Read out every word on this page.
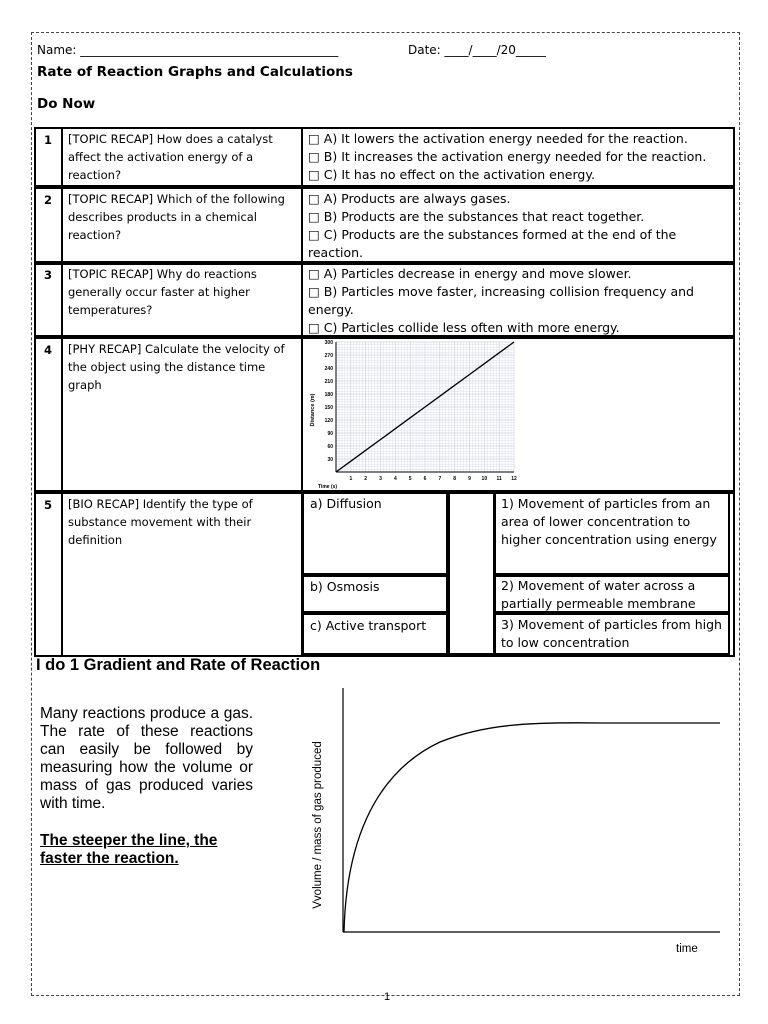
Name: ___________________________________________	Date: ____/____/20_____
Rate of Reaction Graphs and Calculations
Do Now
1 [TOPIC RECAP] How does a catalyst affect the activation energy of a reaction?
□ A) It lowers the activation energy needed for the reaction.
□ B) It increases the activation energy needed for the reaction.
□ C) It has no effect on the activation energy.
2 [TOPIC RECAP] Which of the following describes products in a chemical reaction?
□ A) Products are always gases.
□ B) Products are the substances that react together.
□ C) Products are the substances formed at the end of the reaction.
3 [TOPIC RECAP] Why do reactions generally occur faster at higher temperatures?
□ A) Particles decrease in energy and move slower.
□ B) Particles move faster, increasing collision frequency and energy.
□ C) Particles collide less often with more energy.
4 [PHY RECAP] Calculate the velocity of the object using the distance time graph
5 [BIO RECAP] Identify the type of substance movement with their definition
1 2 3 4 5 6 7 8 9 10 11 12
30
60
90
120
150
180
210
240
270
300
Distance (m)
Time (s)
a) Diffusion
b) Osmosis
c) Active transport
1) Movement of particles from an area of lower concentration to higher concentration using energy
2) Movement of water across a partially permeable membrane
3) Movement of particles from high to low concentration
I do 1 Gradient and Rate of Reaction
Many reactions produce a gas. The rate of these reactions can easily be followed by measuring how the volume or mass of gas produced varies with time.
The steeper the line, the faster the reaction.	Vvolume / mass of gas produced
time
1
